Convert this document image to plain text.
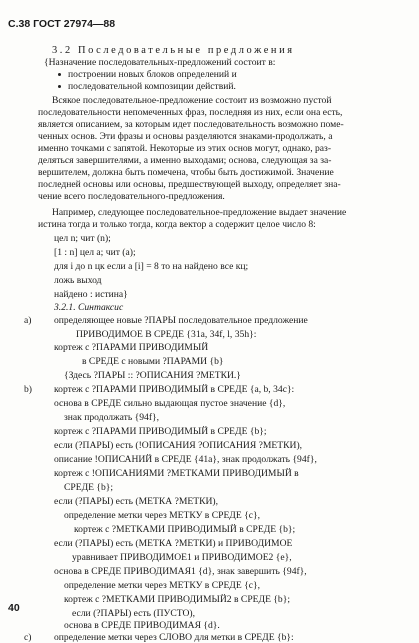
С.38 ГОСТ 27974—88
3.2 Последовательные предложения
{Назначение последовательных-предложений состоит в:
построении новых блоков определений и
последовательной композиции действий.
Всякое последовательное-предложение состоит из возможно пустой
последовательности непомеченных фраз, последняя из них, если она есть,
является описанием, за которым идет последовательность возможно поме-
ченных основ. Эти фразы и основы разделяются знаками-продолжать, а
именно точками с запятой. Некоторые из этих основ могут, однако, раз-
деляться завершителями, а именно выходами; основа, следующая за за-
вершителем, должна быть помечена, чтобы быть достижимой. Значение
последней основы или основы, предшествующей выходу, определяет зна-
чение всего последовательного-предложения.
Например, следующее последовательное-предложение выдает значение
истина тогда и только тогда, когда вектор а содержит целое число 8:
цел n; чит (n);
[1 : n] цел а; чит (а);
для i до n цк если а [i] = 8 то на найдено все кц;
ложь выход
найдено : истина}
3.2.1. Синтаксис
a) определяющее новые ?ПАРЫ последовательное предложение
ПРИВОДИМОЕ В СРЕДЕ {31a, 34f, l, 35h}:
кортеж с ?ПАРАМИ ПРИВОДИМЫЙ
в СРЕДЕ с новыми ?ПАРАМИ {b}
{Здесь ?ПАРЫ :: ?ОПИСАНИЯ ?МЕТКИ.}
b) кортеж с ?ПАРАМИ ПРИВОДИМЫЙ в СРЕДЕ {a, b, 34c}:
основа в СРЕДЕ сильно выдающая пустое значение {d},
знак продолжать {94f},
кортеж с ?ПАРАМИ ПРИВОДИМЫЙ в СРЕДЕ {b};
если (?ПАРЫ) есть (!ОПИСАНИЯ ?ОПИСАНИЯ ?МЕТКИ),
описание !ОПИСАНИЙ в СРЕДЕ {41a}, знак продолжать {94f},
кортеж с !ОПИСАНИЯМИ ?МЕТКАМИ ПРИВОДИМЫЙ в
СРЕДЕ {b};
если (?ПАРЫ) есть (МЕТКА ?МЕТКИ),
определение метки через МЕТКУ в СРЕДЕ {c},
кортеж с ?МЕТКАМИ ПРИВОДИМЫЙ в СРЕДЕ {b};
если (?ПАРЫ) есть (МЕТКА ?МЕТКИ) и ПРИВОДИМОЕ
уравнивает ПРИВОДИМОЕ1 и ПРИВОДИМОЕ2 {e},
основа в СРЕДЕ ПРИВОДИМАЯ1 {d}, знак завершить {94f},
определение метки через МЕТКУ в СРЕДЕ {c},
кортеж с ?МЕТКАМИ ПРИВОДИМЫЙ2 в СРЕДЕ {b};
если (?ПАРЫ) есть (ПУСТО),
основа в СРЕДЕ ПРИВОДИМАЯ {d}.
c) определение метки через СЛОВО для метки в СРЕДЕ {b}:
40
